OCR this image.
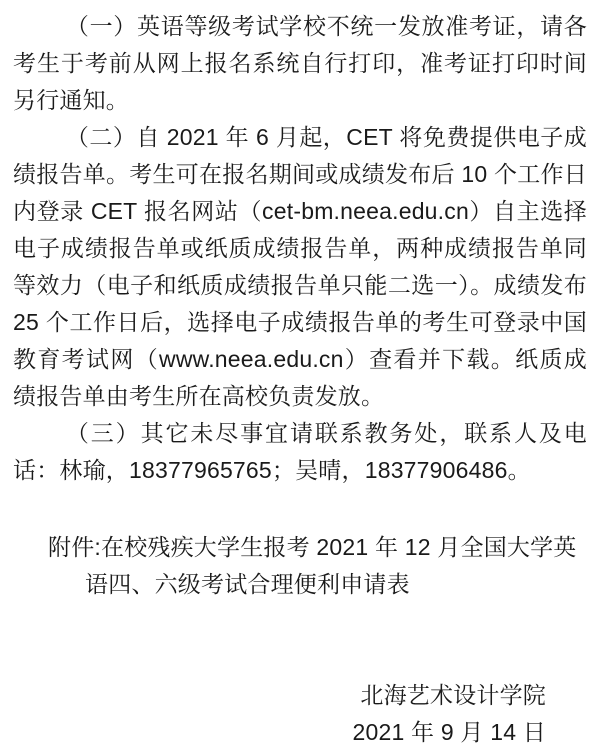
（一）英语等级考试学校不统一发放准考证，请各考生于考前从网上报名系统自行打印，准考证打印时间另行通知。

（二）自 2021 年 6 月起，CET 将免费提供电子成绩报告单。考生可在报名期间或成绩发布后 10 个工作日内登录 CET 报名网站（cet-bm.neea.edu.cn）自主选择电子成绩报告单或纸质成绩报告单，两种成绩报告单同等效力（电子和纸质成绩报告单只能二选一）。成绩发布 25 个工作日后，选择电子成绩报告单的考生可登录中国教育考试网（www.neea.edu.cn）查看并下载。纸质成绩报告单由考生所在高校负责发放。

（三）其它未尽事宜请联系教务处，联系人及电话：林瑜，18377965765；吴晴，18377906486。

附件:在校残疾大学生报考 2021 年 12 月全国大学英语四、六级考试合理便利申请表

北海艺术设计学院

2021 年 9 月 14 日
